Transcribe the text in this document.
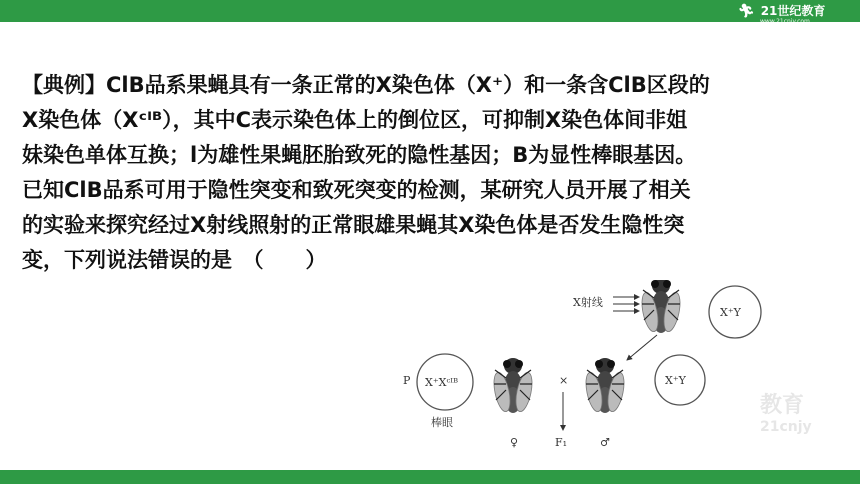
🏃︎ 21世纪教育
www.21cnjy.com
【典例】ClB品系果蝇具有一条正常的X染色体（X⁺）和一条含ClB区段的
X染色体（Xᶜᴵᴮ），其中C表示染色体上的倒位区，可抑制X染色体间非姐
妹染色单体互换；l为雄性果蝇胚胎致死的隐性基因；B为显性棒眼基因。
已知ClB品系可用于隐性突变和致死突变的检测，某研究人员开展了相关
的实验来探究经过X射线照射的正常眼雄果蝇其X染色体是否发生隐性突
变，下列说法错误的是　（　　）
X射线
X⁺Y
P X⁺Xᶜᴵᴮ
棒眼
×
F₁
X⁺Y
♀	♂
教育
21cnjy
